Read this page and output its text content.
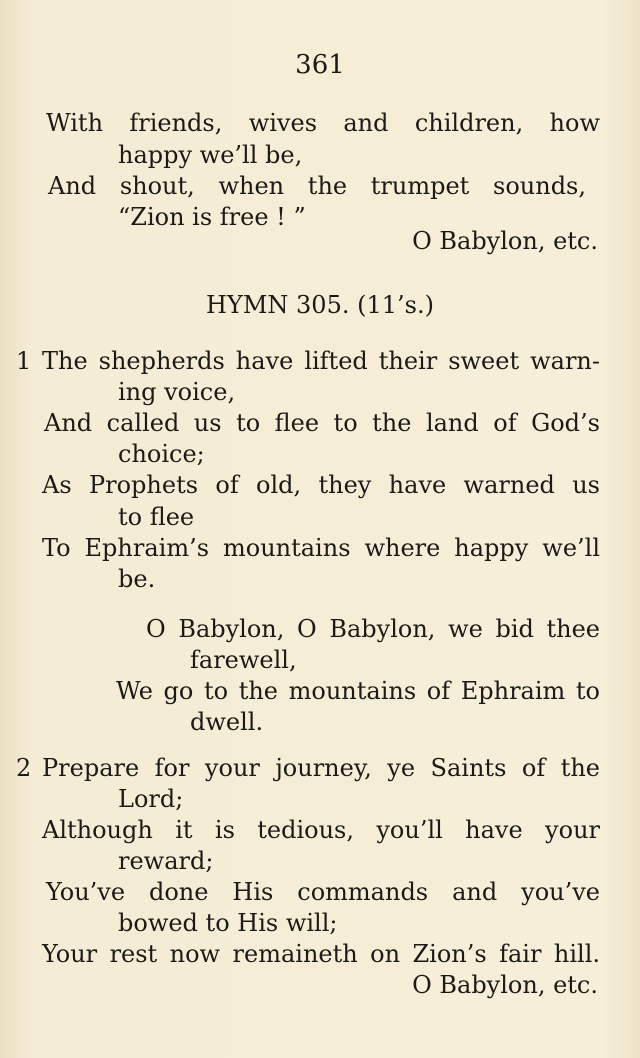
361
With friends, wives and children, how
happy we’ll be,
And shout, when the trumpet sounds,
“Zion is free ! ”
O Babylon, etc.
HYMN 305. (11’s.)
1 The shepherds have lifted their sweet warn-
ing voice,
And called us to flee to the land of God’s
choice;
As Prophets of old, they have warned us
to flee
To Ephraim’s mountains where happy we’ll
be.
O Babylon, O Babylon, we bid thee
farewell,
We go to the mountains of Ephraim to
dwell.
2 Prepare for your journey, ye Saints of the
Lord;
Although it is tedious, you’ll have your
reward;
You’ve done His commands and you’ve
bowed to His will;
Your rest now remaineth on Zion’s fair hill.
O Babylon, etc.
